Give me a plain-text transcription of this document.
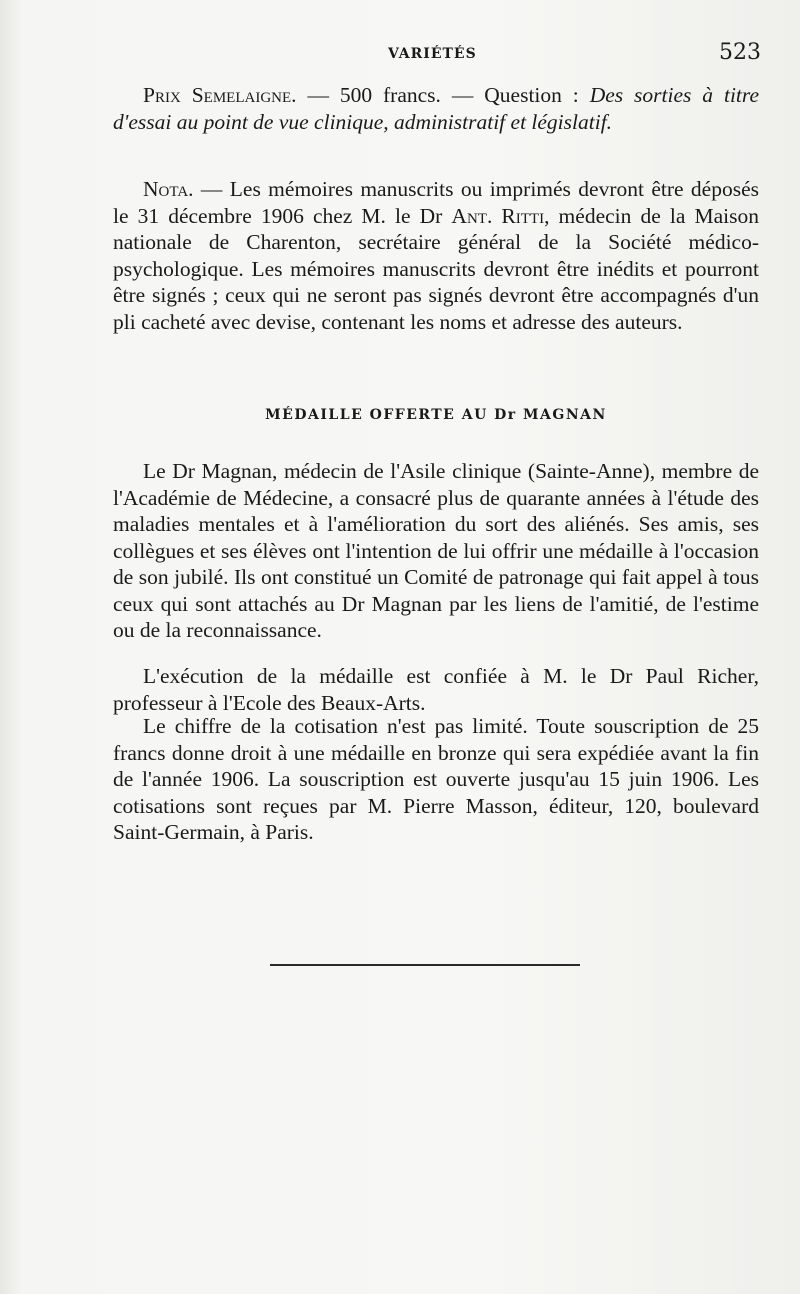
VARIÉTÉS	523

Prix Semelaigne. — 500 francs. — Question : Des sorties à titre d'essai au point de vue clinique, administratif et législatif.

Nota. — Les mémoires manuscrits ou imprimés devront être déposés le 31 décembre 1906 chez M. le Dr Ant. Ritti, médecin de la Maison nationale de Charenton, secrétaire général de la Société médico-psychologique. Les mémoires manuscrits devront être inédits et pourront être signés ; ceux qui ne seront pas signés devront être accompagnés d'un pli cacheté avec devise, contenant les noms et adresse des auteurs.

MÉDAILLE OFFERTE AU Dr MAGNAN

Le Dr Magnan, médecin de l'Asile clinique (Sainte-Anne), membre de l'Académie de Médecine, a consacré plus de quarante années à l'étude des maladies mentales et à l'amélioration du sort des aliénés. Ses amis, ses collègues et ses élèves ont l'intention de lui offrir une médaille à l'occasion de son jubilé. Ils ont constitué un Comité de patronage qui fait appel à tous ceux qui sont attachés au Dr Magnan par les liens de l'amitié, de l'estime ou de la reconnaissance.

L'exécution de la médaille est confiée à M. le Dr Paul Richer, professeur à l'Ecole des Beaux-Arts.

Le chiffre de la cotisation n'est pas limité. Toute souscription de 25 francs donne droit à une médaille en bronze qui sera expédiée avant la fin de l'année 1906. La souscription est ouverte jusqu'au 15 juin 1906. Les cotisations sont reçues par M. Pierre Masson, éditeur, 120, boulevard Saint-Germain, à Paris.
